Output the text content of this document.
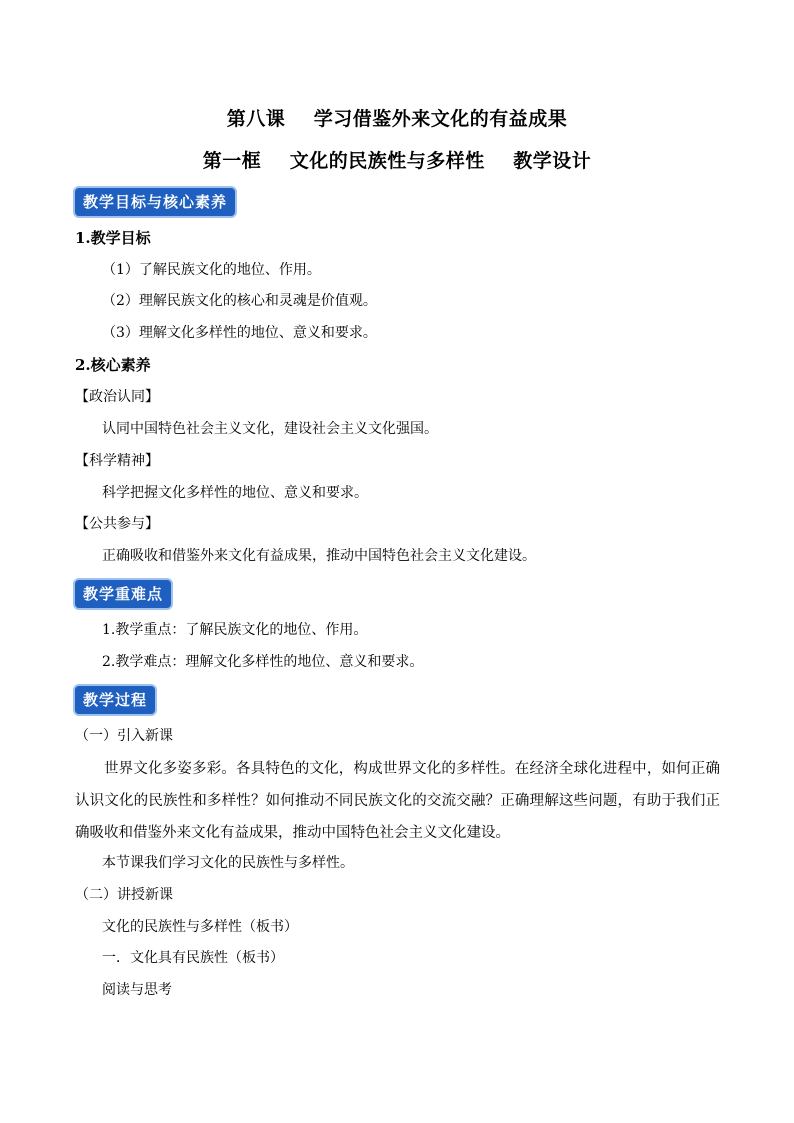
第八课    学习借鉴外来文化的有益成果
第一框    文化的民族性与多样性    教学设计
教学目标与核心素养
1.教学目标
（1）了解民族文化的地位、作用。
（2）理解民族文化的核心和灵魂是价值观。
（3）理解文化多样性的地位、意义和要求。
2.核心素养
【政治认同】
认同中国特色社会主义文化，建设社会主义文化强国。
【科学精神】
科学把握文化多样性的地位、意义和要求。
【公共参与】
正确吸收和借鉴外来文化有益成果，推动中国特色社会主义文化建设。
教学重难点
1.教学重点：了解民族文化的地位、作用。
2.教学难点：理解文化多样性的地位、意义和要求。
教学过程
（一）引入新课
世界文化多姿多彩。各具特色的文化，构成世界文化的多样性。在经济全球化进程中，如何正确认识文化的民族性和多样性？如何推动不同民族文化的交流交融？正确理解这些问题，有助于我们正确吸收和借鉴外来文化有益成果，推动中国特色社会主义文化建设。
本节课我们学习文化的民族性与多样性。
（二）讲授新课
文化的民族性与多样性（板书）
一．文化具有民族性（板书）
阅读与思考
